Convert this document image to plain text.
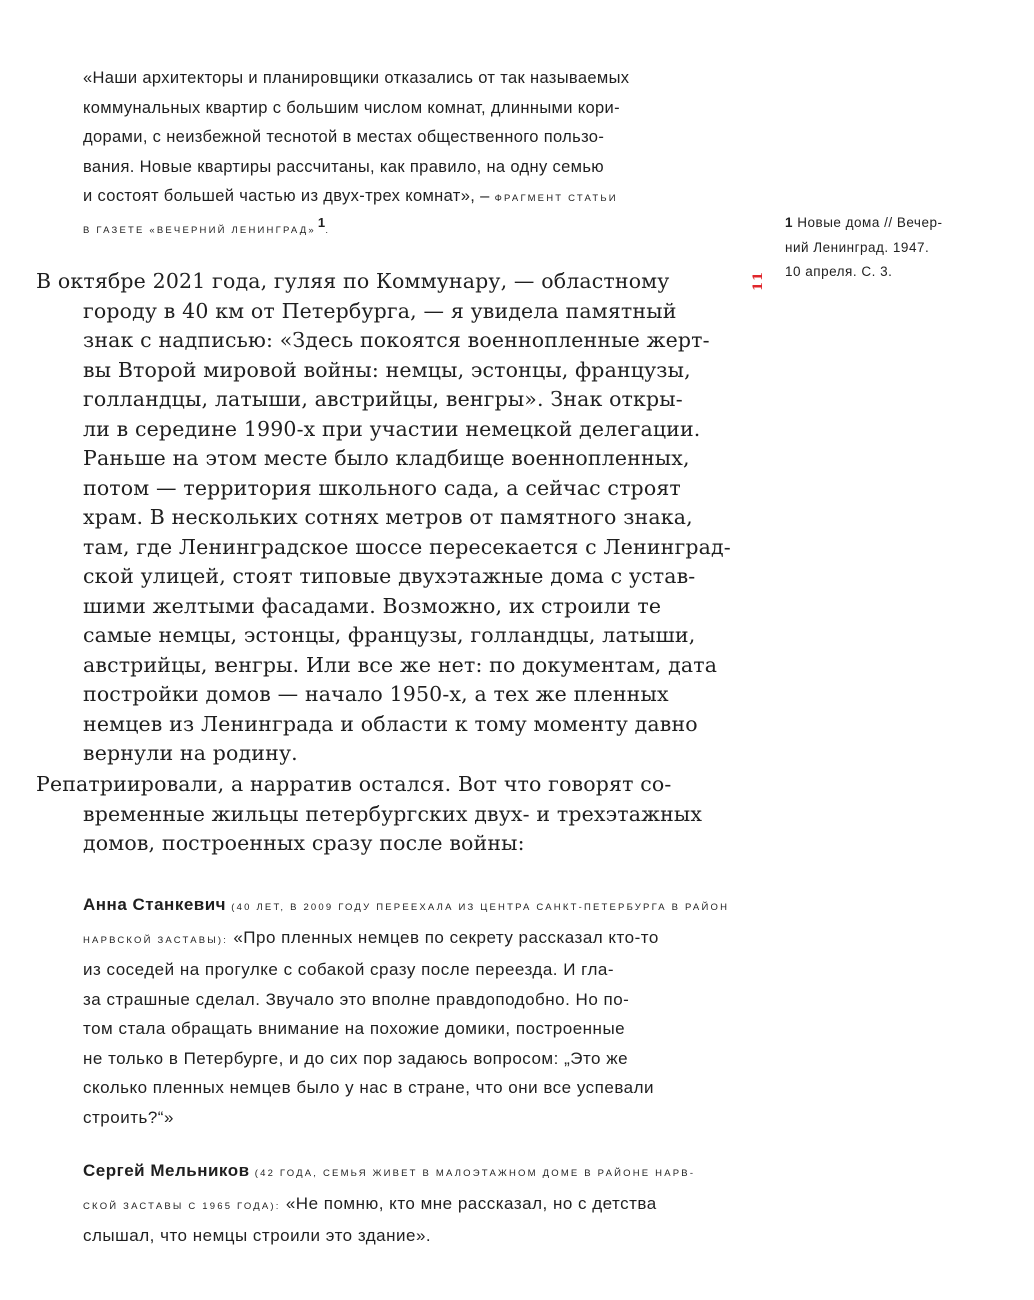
«Наши архитекторы и планировщики отказались от так называемых
коммунальных квартир с большим числом комнат, длинными кори-
дорами, с неизбежной теснотой в местах общественного пользо-
вания. Новые квартиры рассчитаны, как правило, на одну семью
и состоят большей частью из двух-трех комнат», – ФРАГМЕНТ СТАТЬИ
В ГАЗЕТЕ «ВЕЧЕРНИЙ ЛЕНИНГРАД»$^1$.	1 Новые дома // Вечер-
ний Ленинград. 1947.
10 апреля. С. 3.
11
В октябре 2021 года, гуляя по Коммунару, — областному
городу в 40 км от Петербурга, — я увидела памятный
знак с надписью: «Здесь покоятся военнопленные жерт-
вы Второй мировой войны: немцы, эстонцы, французы,
голландцы, латыши, австрийцы, венгры». Знак откры-
ли в середине 1990-х при участии немецкой делегации.
Раньше на этом месте было кладбище военнопленных,
потом — территория школьного сада, а сейчас строят
храм. В нескольких сотнях метров от памятного знака,
там, где Ленинградское шоссе пересекается с Ленинград-
ской улицей, стоят типовые двухэтажные дома с устав-
шими желтыми фасадами. Возможно, их строили те
самые немцы, эстонцы, французы, голландцы, латыши,
австрийцы, венгры. Или все же нет: по документам, дата
постройки домов — начало 1950-х, а тех же пленных
немцев из Ленинграда и области к тому моменту давно
вернули на родину.
Репатриировали, а нарратив остался. Вот что говорят со-
временные жильцы петербургских двух- и трехэтажных
домов, построенных сразу после войны:
Анна Станкевич (40 ЛЕТ, В 2009 ГОДУ ПЕРЕЕХАЛА ИЗ ЦЕНТРА САНКТ-ПЕТЕРБУРГА В РАЙОН
НАРВСКОЙ ЗАСТАВЫ): «Про пленных немцев по секрету рассказал кто-то
из соседей на прогулке с собакой сразу после переезда. И гла-
за страшные сделал. Звучало это вполне правдоподобно. Но по-
том стала обращать внимание на похожие домики, построенные
не только в Петербурге, и до сих пор задаюсь вопросом: „Это же
сколько пленных немцев было у нас в стране, что они все успевали
строить?“»
Сергей Мельников (42 ГОДА, СЕМЬЯ ЖИВЕТ В МАЛОЭТАЖНОМ ДОМЕ В РАЙОНЕ НАРВ-
СКОЙ ЗАСТАВЫ С 1965 ГОДА): «Не помню, кто мне рассказал, но с детства
слышал, что немцы строили это здание».
